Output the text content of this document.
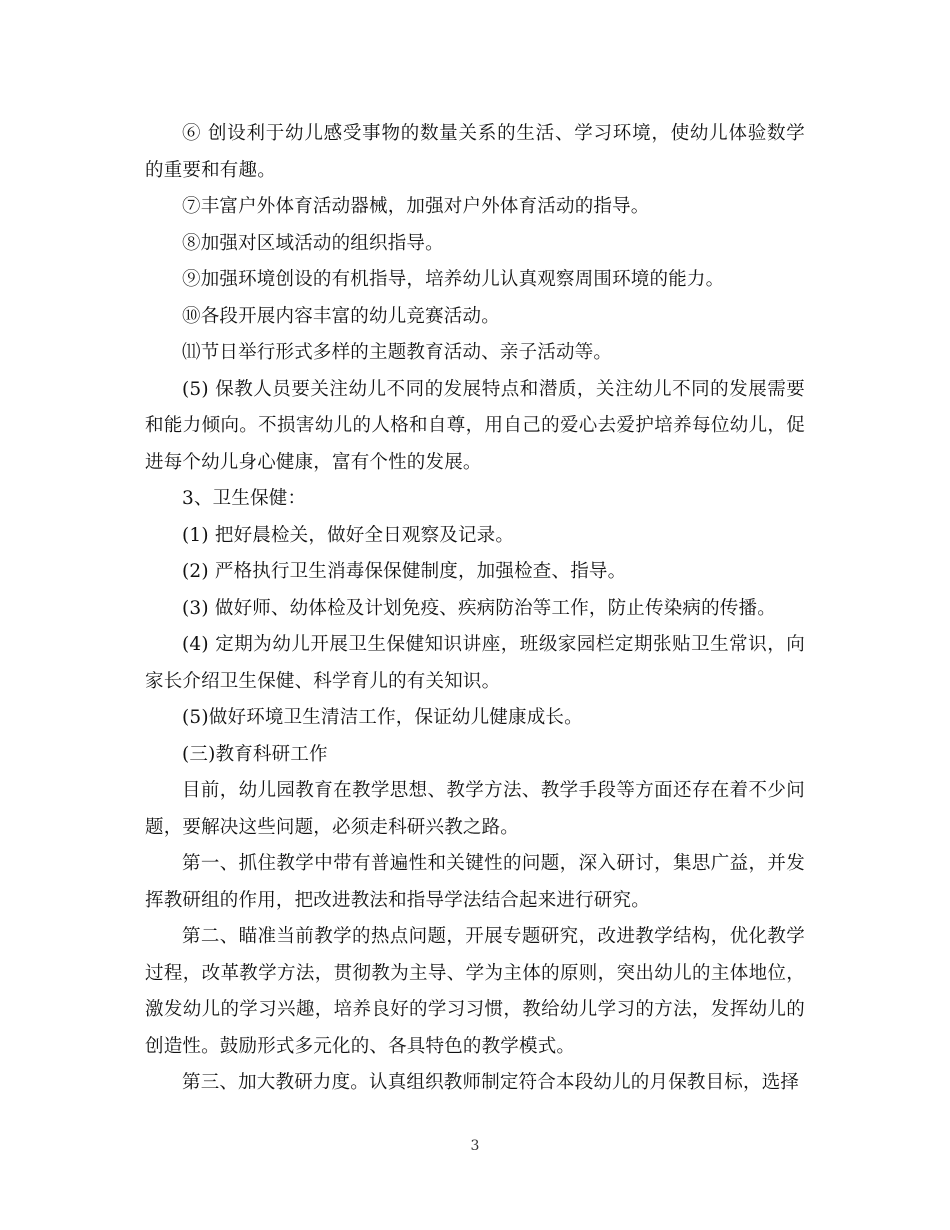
⑥ 创设利于幼儿感受事物的数量关系的生活、学习环境，使幼儿体验数学的重要和有趣。

⑦丰富户外体育活动器械，加强对户外体育活动的指导。

⑧加强对区域活动的组织指导。

⑨加强环境创设的有机指导，培养幼儿认真观察周围环境的能力。

⑩各段开展内容丰富的幼儿竞赛活动。

⑾节日举行形式多样的主题教育活动、亲子活动等。

(5) 保教人员要关注幼儿不同的发展特点和潜质，关注幼儿不同的发展需要和能力倾向。不损害幼儿的人格和自尊，用自己的爱心去爱护培养每位幼儿，促进每个幼儿身心健康，富有个性的发展。

3、卫生保健：

(1) 把好晨检关，做好全日观察及记录。

(2) 严格执行卫生消毒保保健制度，加强检查、指导。

(3) 做好师、幼体检及计划免疫、疾病防治等工作，防止传染病的传播。

(4) 定期为幼儿开展卫生保健知识讲座，班级家园栏定期张贴卫生常识，向家长介绍卫生保健、科学育儿的有关知识。

(5)做好环境卫生清洁工作，保证幼儿健康成长。

(三)教育科研工作

目前，幼儿园教育在教学思想、教学方法、教学手段等方面还存在着不少问题，要解决这些问题，必须走科研兴教之路。

第一、抓住教学中带有普遍性和关键性的问题，深入研讨，集思广益，并发挥教研组的作用，把改进教法和指导学法结合起来进行研究。

第二、瞄准当前教学的热点问题，开展专题研究，改进教学结构，优化教学过程，改革教学方法，贯彻教为主导、学为主体的原则，突出幼儿的主体地位，激发幼儿的学习兴趣，培养良好的学习习惯，教给幼儿学习的方法，发挥幼儿的创造性。鼓励形式多元化的、各具特色的教学模式。

第三、加大教研力度。认真组织教师制定符合本段幼儿的月保教目标，选择

3
